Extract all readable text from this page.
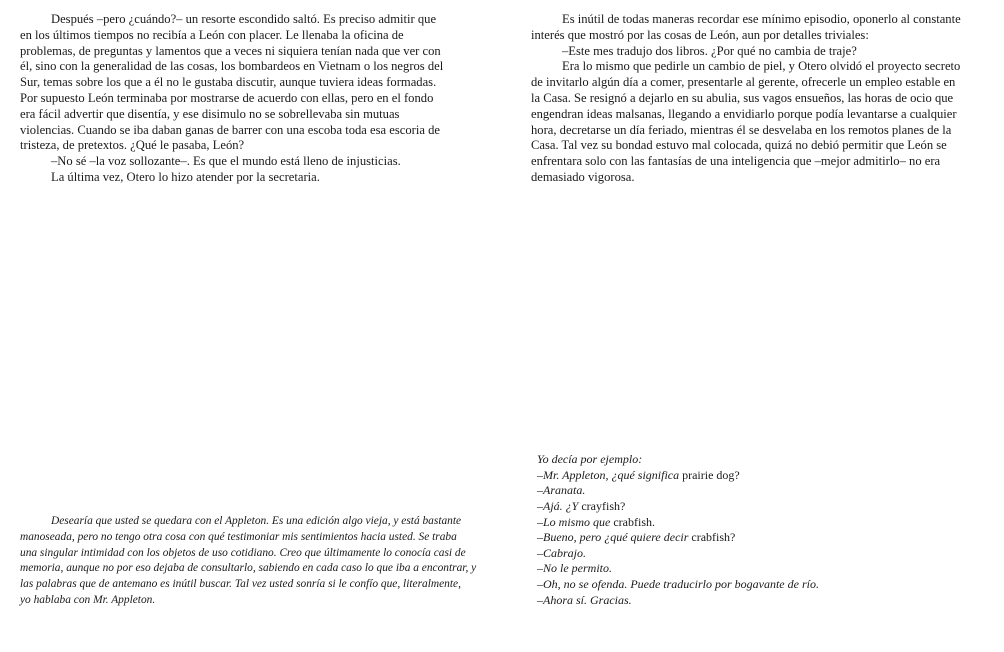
Después –pero ¿cuándo?– un resorte escondido saltó. Es preciso admitir que
en los últimos tiempos no recibía a León con placer. Le llenaba la oficina de
problemas, de preguntas y lamentos que a veces ni siquiera tenían nada que ver con
él, sino con la generalidad de las cosas, los bombardeos en Vietnam o los negros del
Sur, temas sobre los que a él no le gustaba discutir, aunque tuviera ideas formadas.
Por supuesto León terminaba por mostrarse de acuerdo con ellas, pero en el fondo
era fácil advertir que disentía, y ese disimulo no se sobrellevaba sin mutuas
violencias. Cuando se iba daban ganas de barrer con una escoba toda esa escoria de
tristeza, de pretextos. ¿Qué le pasaba, León?
–No sé –la voz sollozante–. Es que el mundo está lleno de injusticias.
La última vez, Otero lo hizo atender por la secretaria.
Es inútil de todas maneras recordar ese mínimo episodio, oponerlo al constante
interés que mostró por las cosas de León, aun por detalles triviales:
–Este mes tradujo dos libros. ¿Por qué no cambia de traje?
Era lo mismo que pedirle un cambio de piel, y Otero olvidó el proyecto secreto
de invitarlo algún día a comer, presentarle al gerente, ofrecerle un empleo estable en
la Casa. Se resignó a dejarlo en su abulia, sus vagos ensueños, las horas de ocio que
engendran ideas malsanas, llegando a envidiarlo porque podía levantarse a cualquier
hora, decretarse un día feriado, mientras él se desvelaba en los remotos planes de la
Casa. Tal vez su bondad estuvo mal colocada, quizá no debió permitir que León se
enfrentara solo con las fantasías de una inteligencia que –mejor admitirlo– no era
demasiado vigorosa.
Desearía que usted se quedara con el Appleton. Es una edición algo vieja, y está bastante
manoseada, pero no tengo otra cosa con qué testimoniar mis sentimientos hacia usted. Se traba
una singular intimidad con los objetos de uso cotidiano. Creo que últimamente lo conocía casi de
memoria, aunque no por eso dejaba de consultarlo, sabiendo en cada caso lo que iba a encontrar, y
las palabras que de antemano es inútil buscar. Tal vez usted sonría si le confío que, literalmente,
yo hablaba con Mr. Appleton.
Yo decía por ejemplo:
–Mr. Appleton, ¿qué significa prairie dog?
–Aranata.
–Ajá. ¿Y crayfish?
–Lo mismo que crabfish.
–Bueno, pero ¿qué quiere decir crabfish?
–Cabrajo.
–No le permito.
–Oh, no se ofenda. Puede traducirlo por bogavante de río.
–Ahora sí. Gracias.
